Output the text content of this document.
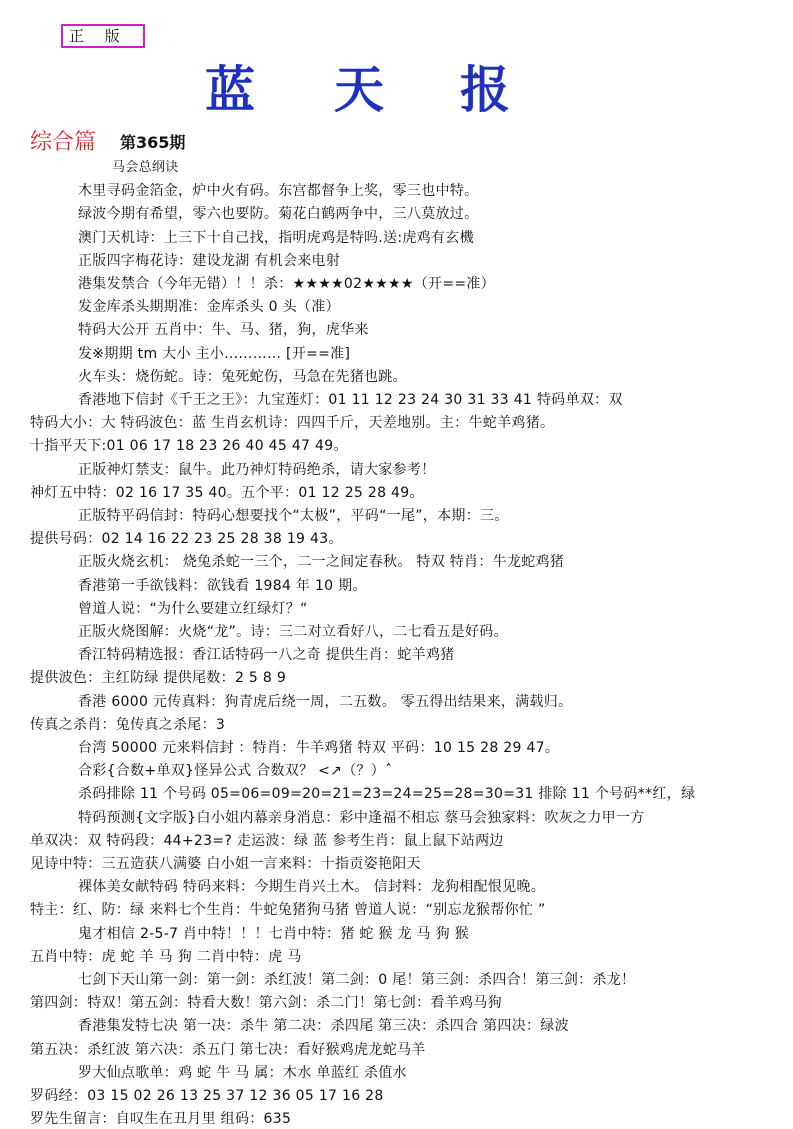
正 版
蓝 天 报
综合篇 第365期
马会总纲诀
木里寻码金箔金，炉中火有码。东宫都督争上奖，零三也中特。
绿波今期有希望，零六也要防。菊花白鹤两争中，三八莫放过。
澳门天机诗：上三下十自己找，指明虎鸡是特吗.送:虎鸡有玄機
正版四字梅花诗：建设龙湖 有机会来电射
港集发禁合（今年无错）！！杀：★★★★02★★★★（开==准）
发金库杀头期期准：金库杀头 0 头（准）
特码大公开 五肖中：牛、马、猪，狗，虎华来
发※期期 tm 大小 主小………… [开==准]
火车头：烧伤蛇。诗：兔死蛇伤，马急在先猪也跳。
香港地下信封《千王之王》：九宝莲灯：01 11 12 23 24 30 31 33 41 特码单双：双
特码大小：大 特码波色：蓝 生肖玄机诗：四四千斤，天差地别。主：牛蛇羊鸡猪。
十指平天下:01 06 17 18 23 26 40 45 47 49。
正版神灯禁支：鼠牛。此乃神灯特码绝杀，请大家参考！
神灯五中特：02 16 17 35 40。五个平：01 12 25 28 49。
正版特平码信封：特码心想要找个“太极”，平码“一尾”，本期：三。
提供号码：02 14 16 22 23 25 28 38 19 43。
正版火烧玄机： 烧兔杀蛇一三个，二一之间定春秋。 特双 特肖：牛龙蛇鸡猪
香港第一手欲钱料：欲钱看 1984 年 10 期。
曾道人说：“为什么要建立红绿灯？“
正版火烧图解：火烧“龙”。诗：三二对立看好八，二七看五是好码。
香江特码精选报：香江话特码一八之奇 提供生肖：蛇羊鸡猪
提供波色：主红防绿 提供尾数：2 5 8 9
香港 6000 元传真料：狗青虎后绕一周，二五数。 零五得出结果来，满载归。
传真之杀肖：兔传真之杀尾：3
台湾 50000 元来料信封 ：特肖：牛羊鸡猪 特双 平码：10 15 28 29 47。
合彩{合数+单双}怪异公式 合数双？ <↗（？）ˆ
杀码排除 11 个号码 05=06=09=20=21=23=24=25=28=30=31 排除 11 个号码**红，绿
特码预测{文字版}白小姐内幕亲身消息：彩中逢福不相忘 蔡马会独家料：吹灰之力甲一方
单双决：双 特码段：44+23=? 走运波：绿 蓝 参考生肖：鼠上鼠下站两边
见诗中特：三五造获八满婆 白小姐一言来料：十指贡姿艳阳天
裸体美女献特码 特码来料：今期生肖兴土木。 信封料：龙狗相配恨见晚。
特主：红、防：绿 来料七个生肖：牛蛇兔猪狗马猪 曾道人说：“别忘龙猴帮你忙 ”
鬼才相信 2-5-7 肖中特！！！七肖中特：猪 蛇 猴 龙 马 狗 猴
五肖中特：虎 蛇 羊 马 狗 二肖中特：虎 马
七剑下天山第一剑：第一剑：杀红波！第二剑：0 尾！第三剑：杀四合！第三剑：杀龙！
第四剑：特双！第五剑：特看大数！第六剑：杀二门！第七剑：看羊鸡马狗
香港集发特七决 第一决：杀牛 第二决：杀四尾 第三决：杀四合 第四决：绿波
第五决：杀红波 第六决：杀五门 第七决：看好猴鸡虎龙蛇马羊
罗大仙点歌单：鸡 蛇 牛 马 属：木水 单蓝红 杀值水
罗码经：03 15 02 26 13 25 37 12 36 05 17 16 28
罗先生留言：自叹生在丑月里 组码：635
